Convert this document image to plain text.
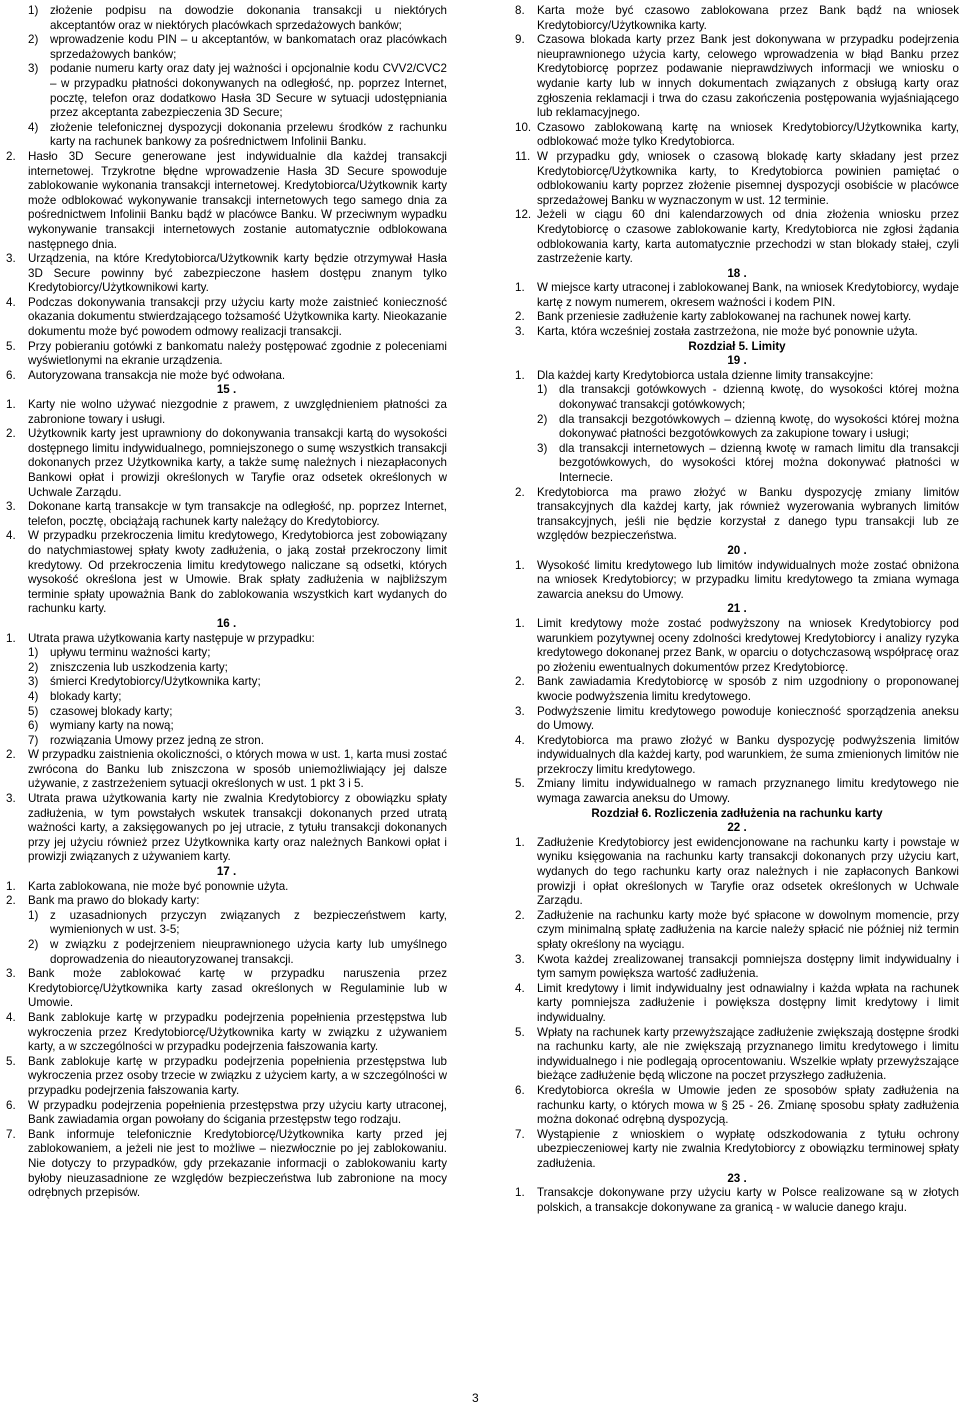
1) złożenie podpisu na dowodzie dokonania transakcji u niektórych akceptantów oraz w niektórych placówkach sprzedażowych banków;

2) wprowadzenie kodu PIN – u akceptantów, w bankomatach oraz placówkach sprzedażowych banków;

3) podanie numeru karty oraz daty jej ważności i opcjonalnie kodu CVV2/CVC2 – w przypadku płatności dokonywanych na odległość, np. poprzez Internet, pocztę, telefon oraz dodatkowo Hasła 3D Secure w sytuacji udostępniania przez akceptanta zabezpieczenia 3D Secure;

4) złożenie telefonicznej dyspozycji dokonania przelewu środków z rachunku karty na rachunek bankowy za pośrednictwem Infolinii Banku.

2. Hasło 3D Secure generowane jest indywidualnie dla każdej transakcji internetowej. Trzykrotne błędne wprowadzenie Hasła 3D Secure spowoduje zablokowanie wykonania transakcji internetowej. Kredytobiorca/Użytkownik karty może odblokować wykonywanie transakcji internetowych tego samego dnia za pośrednictwem Infolinii Banku bądź w placówce Banku. W przeciwnym wypadku wykonywanie transakcji internetowych zostanie automatycznie odblokowana następnego dnia.

3. Urządzenia, na które Kredytobiorca/Użytkownik karty będzie otrzymywał Hasła 3D Secure powinny być zabezpieczone hasłem dostępu znanym tylko Kredytobiorcy/Użytkownikowi karty.

4. Podczas dokonywania transakcji przy użyciu karty może zaistnieć konieczność okazania dokumentu stwierdzającego tożsamość Użytkownika karty. Nieokazanie dokumentu może być powodem odmowy realizacji transakcji.

5. Przy pobieraniu gotówki z bankomatu należy postępować zgodnie z poleceniami wyświetlonymi na ekranie urządzenia.

6. Autoryzowana transakcja nie może być odwołana.

15 .

1. Karty nie wolno używać niezgodnie z prawem, z uwzględnieniem płatności za zabronione towary i usługi.

2. Użytkownik karty jest uprawniony do dokonywania transakcji kartą do wysokości dostępnego limitu indywidualnego, pomniejszonego o sumę wszystkich transakcji dokonanych przez Użytkownika karty, a także sumę należnych i niezapłaconych Bankowi opłat i prowizji określonych w Taryfie oraz odsetek określonych w Uchwale Zarządu.

3. Dokonane kartą transakcje w tym transakcje na odległość, np. poprzez Internet, telefon, pocztę, obciążają rachunek karty należący do Kredytobiorcy.

4. W przypadku przekroczenia limitu kredytowego, Kredytobiorca jest zobowiązany do natychmiastowej spłaty kwoty zadłużenia, o jaką został przekroczony limit kredytowy. Od przekroczenia limitu kredytowego naliczane są odsetki, których wysokość określona jest w Umowie. Brak spłaty zadłużenia w najbliższym terminie spłaty upoważnia Bank do zablokowania wszystkich kart wydanych do rachunku karty.

16 .

1. Utrata prawa użytkowania karty następuje w przypadku:

1) upływu terminu ważności karty;

2) zniszczenia lub uszkodzenia karty;

3) śmierci Kredytobiorcy/Użytkownika karty;

4) blokady karty;

5) czasowej blokady karty;

6) wymiany karty na nową;

7) rozwiązania Umowy przez jedną ze stron.

2. W przypadku zaistnienia okoliczności, o których mowa w ust. 1, karta musi zostać zwrócona do Banku lub zniszczona w sposób uniemożliwiający jej dalsze używanie, z zastrzeżeniem sytuacji określonych w ust. 1 pkt 3 i 5.

3. Utrata prawa użytkowania karty nie zwalnia Kredytobiorcy z obowiązku spłaty zadłużenia, w tym powstałych wskutek transakcji dokonanych przed utratą ważności karty, a zaksięgowanych po jej utracie, z tytułu transakcji dokonanych przy jej użyciu również przez Użytkownika karty oraz należnych Bankowi opłat i prowizji związanych z używaniem karty.

17 .

1. Karta zablokowana, nie może być ponownie użyta.

2. Bank ma prawo do blokady karty:

1) z uzasadnionych przyczyn związanych z bezpieczeństwem karty, wymienionych w ust. 3-5;

2) w związku z podejrzeniem nieuprawnionego użycia karty lub umyślnego doprowadzenia do nieautoryzowanej transakcji.

3. Bank może zablokować kartę w przypadku naruszenia przez Kredytobiorcę/Użytkownika karty zasad określonych w Regulaminie lub w Umowie.

4. Bank zablokuje kartę w przypadku podejrzenia popełnienia przestępstwa lub wykroczenia przez Kredytobiorcę/Użytkownika karty w związku z używaniem karty, a w szczególności w przypadku podejrzenia fałszowania karty.

5. Bank zablokuje kartę w przypadku podejrzenia popełnienia przestępstwa lub wykroczenia przez osoby trzecie w związku z użyciem karty, a w szczególności w przypadku podejrzenia fałszowania karty.

6. W przypadku podejrzenia popełnienia przestępstwa przy użyciu karty utraconej, Bank zawiadamia organ powołany do ścigania przestępstw tego rodzaju.

7. Bank informuje telefonicznie Kredytobiorcę/Użytkownika karty przed jej zablokowaniem, a jeżeli nie jest to możliwe – niezwłocznie po jej zablokowaniu. Nie dotyczy to przypadków, gdy przekazanie informacji o zablokowaniu karty byłoby nieuzasadnione ze względów bezpieczeństwa lub zabronione na mocy odrębnych przepisów.

8. Karta może być czasowo zablokowana przez Bank bądź na wniosek Kredytobiorcy/Użytkownika karty.

9. Czasowa blokada karty przez Bank jest dokonywana w przypadku podejrzenia nieuprawnionego użycia karty, celowego wprowadzenia w błąd Banku przez Kredytobiorcę poprzez podawanie nieprawdziwych informacji we wniosku o wydanie karty lub w innych dokumentach związanych z obsługą karty oraz zgłoszenia reklamacji i trwa do czasu zakończenia postępowania wyjaśniającego lub reklamacyjnego.

10. Czasowo zablokowaną kartę na wniosek Kredytobiorcy/Użytkownika karty, odblokować może tylko Kredytobiorca.

11. W przypadku gdy, wniosek o czasową blokadę karty składany jest przez Kredytobiorcę/Użytkownika karty, to Kredytobiorca powinien pamiętać o odblokowaniu karty poprzez złożenie pisemnej dyspozycji osobiście w placówce sprzedażowej Banku w wyznaczonym w ust. 12 terminie.

12. Jeżeli w ciągu 60 dni kalendarzowych od dnia złożenia wniosku przez Kredytobiorcę o czasowe zablokowanie karty, Kredytobiorca nie zgłosi żądania odblokowania karty, karta automatycznie przechodzi w stan blokady stałej, czyli zastrzeżenie karty.

18 .

1. W miejsce karty utraconej i zablokowanej Bank, na wniosek Kredytobiorcy, wydaje kartę z nowym numerem, okresem ważności i kodem PIN.

2. Bank przeniesie zadłużenie karty zablokowanej na rachunek nowej karty.

3. Karta, która wcześniej została zastrzeżona, nie może być ponownie użyta.

Rozdział 5. Limity

19 .

1. Dla każdej karty Kredytobiorca ustala dzienne limity transakcyjne:

1) dla transakcji gotówkowych - dzienną kwotę, do wysokości której można dokonywać transakcji gotówkowych;

2) dla transakcji bezgotówkowych – dzienną kwotę, do wysokości której można dokonywać płatności bezgotówkowych za zakupione towary i usługi;

3) dla transakcji internetowych – dzienną kwotę w ramach limitu dla transakcji bezgotówkowych, do wysokości której można dokonywać płatności w Internecie.

2. Kredytobiorca ma prawo złożyć w Banku dyspozycję zmiany limitów transakcyjnych dla każdej karty, jak również wyzerowania wybranych limitów transakcyjnych, jeśli nie będzie korzystał z danego typu transakcji lub ze względów bezpieczeństwa.

20 .

1. Wysokość limitu kredytowego lub limitów indywidualnych może zostać obniżona na wniosek Kredytobiorcy; w przypadku limitu kredytowego ta zmiana wymaga zawarcia aneksu do Umowy.

21 .

1. Limit kredytowy może zostać podwyższony na wniosek Kredytobiorcy pod warunkiem pozytywnej oceny zdolności kredytowej Kredytobiorcy i analizy ryzyka kredytowego dokonanej przez Bank, w oparciu o dotychczasową współpracę oraz po złożeniu ewentualnych dokumentów przez Kredytobiorcę.

2. Bank zawiadamia Kredytobiorcę w sposób z nim uzgodniony o proponowanej kwocie podwyższenia limitu kredytowego.

3. Podwyższenie limitu kredytowego powoduje konieczność sporządzenia aneksu do Umowy.

4. Kredytobiorca ma prawo złożyć w Banku dyspozycję podwyższenia limitów indywidualnych dla każdej karty, pod warunkiem, że suma zmienionych limitów nie przekroczy limitu kredytowego.

5. Zmiany limitu indywidualnego w ramach przyznanego limitu kredytowego nie wymaga zawarcia aneksu do Umowy.

Rozdział 6. Rozliczenia zadłużenia na rachunku karty

22 .

1. Zadłużenie Kredytobiorcy jest ewidencjonowane na rachunku karty i powstaje w wyniku księgowania na rachunku karty transakcji dokonanych przy użyciu kart, wydanych do tego rachunku karty oraz należnych i nie zapłaconych Bankowi prowizji i opłat określonych w Taryfie oraz odsetek określonych w Uchwale Zarządu.

2. Zadłużenie na rachunku karty może być spłacone w dowolnym momencie, przy czym minimalną spłatę zadłużenia na karcie należy spłacić nie później niż termin spłaty określony na wyciągu.

3. Kwota każdej zrealizowanej transakcji pomniejsza dostępny limit indywidualny i tym samym powiększa wartość zadłużenia.

4. Limit kredytowy i limit indywidualny jest odnawialny i każda wpłata na rachunek karty pomniejsza zadłużenie i powiększa dostępny limit kredytowy i limit indywidualny.

5. Wpłaty na rachunek karty przewyższające zadłużenie zwiększają dostępne środki na rachunku karty, ale nie zwiększają przyznanego limitu kredytowego i limitu indywidualnego i nie podlegają oprocentowaniu. Wszelkie wpłaty przewyższające bieżące zadłużenie będą wliczone na poczet przyszłego zadłużenia.

6. Kredytobiorca określa w Umowie jeden ze sposobów spłaty zadłużenia na rachunku karty, o których mowa w § 25 - 26. Zmianę sposobu spłaty zadłużenia można dokonać odrębną dyspozycją.

7. Wystąpienie z wnioskiem o wypłatę odszkodowania z tytułu ochrony ubezpieczeniowej karty nie zwalnia Kredytobiorcy z obowiązku terminowej spłaty zadłużenia.

23 .

1. Transakcje dokonywane przy użyciu karty w Polsce realizowane są w złotych polskich, a transakcje dokonywane za granicą - w walucie danego kraju.

3
